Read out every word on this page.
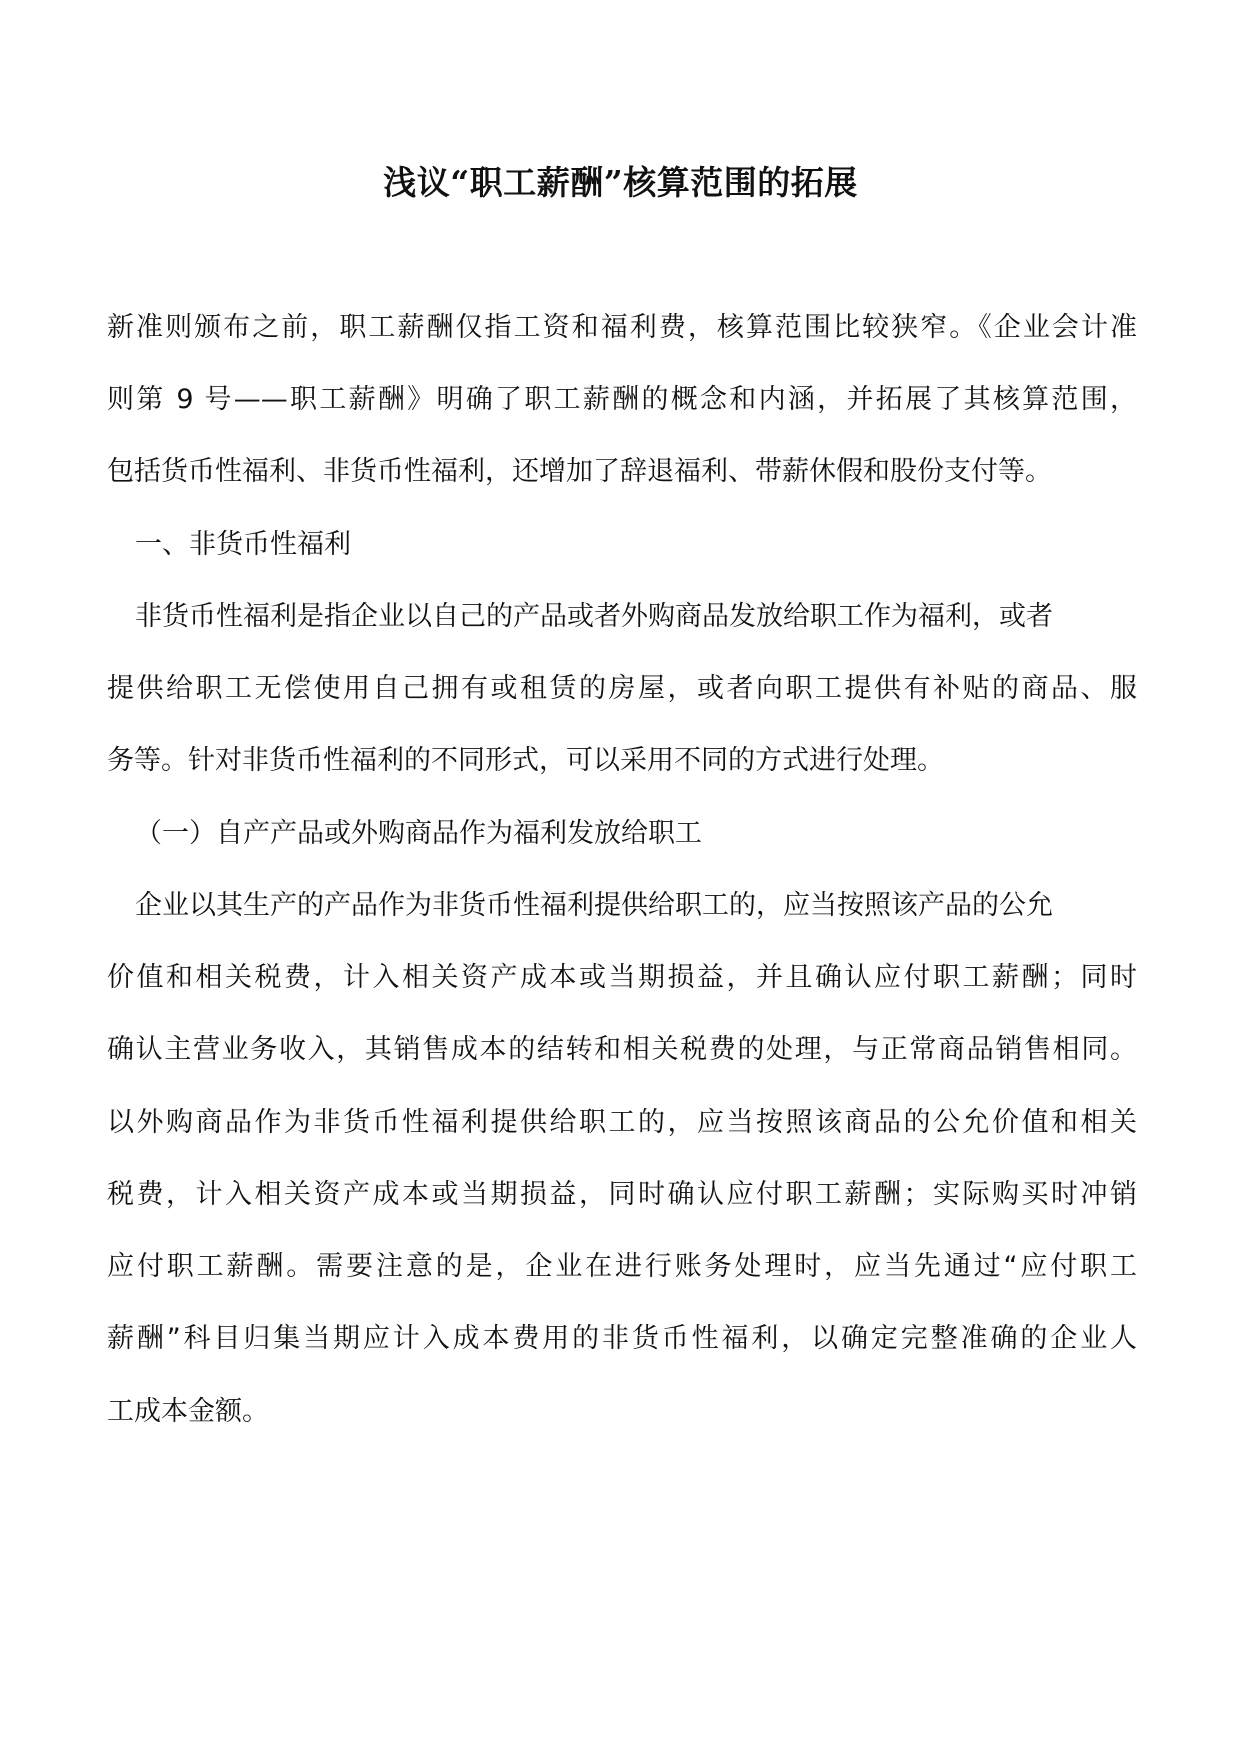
浅议“职工薪酬”核算范围的拓展

新准则颁布之前，职工薪酬仅指工资和福利费，核算范围比较狭窄。《企业会计准

则第 9 号——职工薪酬》明确了职工薪酬的概念和内涵，并拓展了其核算范围，

包括货币性福利、非货币性福利，还增加了辞退福利、带薪休假和股份支付等。

一、非货币性福利

非货币性福利是指企业以自己的产品或者外购商品发放给职工作为福利，或者

提供给职工无偿使用自己拥有或租赁的房屋，或者向职工提供有补贴的商品、服

务等。针对非货币性福利的不同形式，可以采用不同的方式进行处理。

（一）自产产品或外购商品作为福利发放给职工

企业以其生产的产品作为非货币性福利提供给职工的，应当按照该产品的公允

价值和相关税费，计入相关资产成本或当期损益，并且确认应付职工薪酬；同时

确认主营业务收入，其销售成本的结转和相关税费的处理，与正常商品销售相同。

以外购商品作为非货币性福利提供给职工的，应当按照该商品的公允价值和相关

税费，计入相关资产成本或当期损益，同时确认应付职工薪酬；实际购买时冲销

应付职工薪酬。需要注意的是，企业在进行账务处理时，应当先通过“应付职工

薪酬”科目归集当期应计入成本费用的非货币性福利，以确定完整准确的企业人

工成本金额。
